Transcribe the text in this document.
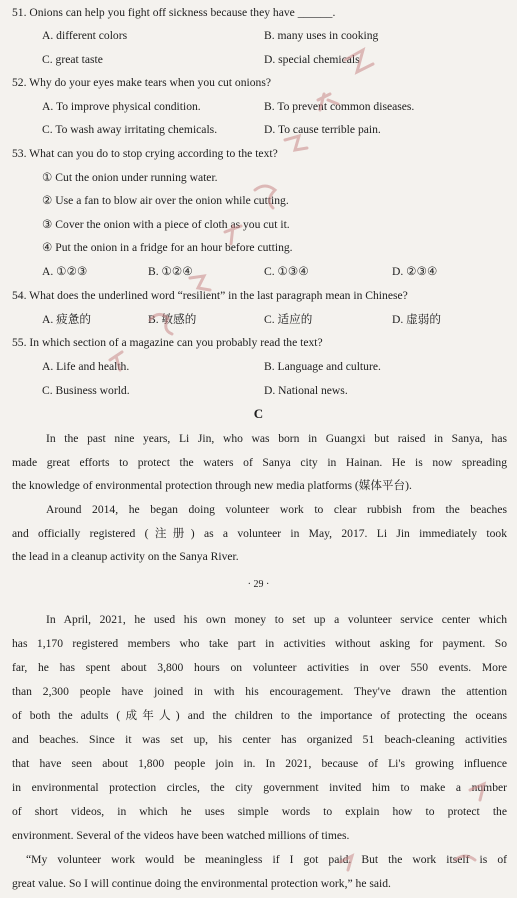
51. Onions can help you fight off sickness because they have ______.
A. different colors	B. many uses in cooking
C. great taste	D. special chemicals
52. Why do your eyes make tears when you cut onions?
A. To improve physical condition.	B. To prevent common diseases.
C. To wash away irritating chemicals.	D. To cause terrible pain.
53. What can you do to stop crying according to the text?
① Cut the onion under running water.
② Use a fan to blow air over the onion while cutting.
③ Cover the onion with a piece of cloth as you cut it.
④ Put the onion in a fridge for an hour before cutting.
A. ①②③	B. ①②④	C. ①③④	D. ②③④
54. What does the underlined word “resilient” in the last paragraph mean in Chinese?
A. 疲惫的	B. 敏感的	C. 适应的	D. 虚弱的
55. In which section of a magazine can you probably read the text?
A. Life and health.	B. Language and culture.
C. Business world.	D. National news.
C
In the past nine years, Li Jin, who was born in Guangxi but raised in Sanya, has
made great efforts to protect the waters of Sanya city in Hainan. He is now spreading
the knowledge of environmental protection through new media platforms (媒体平台).
Around 2014, he began doing volunteer work to clear rubbish from the beaches
and officially registered (注册) as a volunteer in May, 2017. Li Jin immediately took
the lead in a cleanup activity on the Sanya River.
· 29 ·
In April, 2021, he used his own money to set up a volunteer service center which
has 1,170 registered members who take part in activities without asking for payment. So
far, he has spent about 3,800 hours on volunteer activities in over 550 events. More
than 2,300 people have joined in with his encouragement. They've drawn the attention
of both the adults (成年人) and the children to the importance of protecting the oceans
and beaches. Since it was set up, his center has organized 51 beach-cleaning activities
that have seen about 1,800 people join in. In 2021, because of Li's growing influence
in environmental protection circles, the city government invited him to make a number
of short videos, in which he uses simple words to explain how to protect the
environment. Several of the videos have been watched millions of times.
“My volunteer work would be meaningless if I got paid. But the work itself is of
great value. So I will continue doing the environmental protection work,” he said.
